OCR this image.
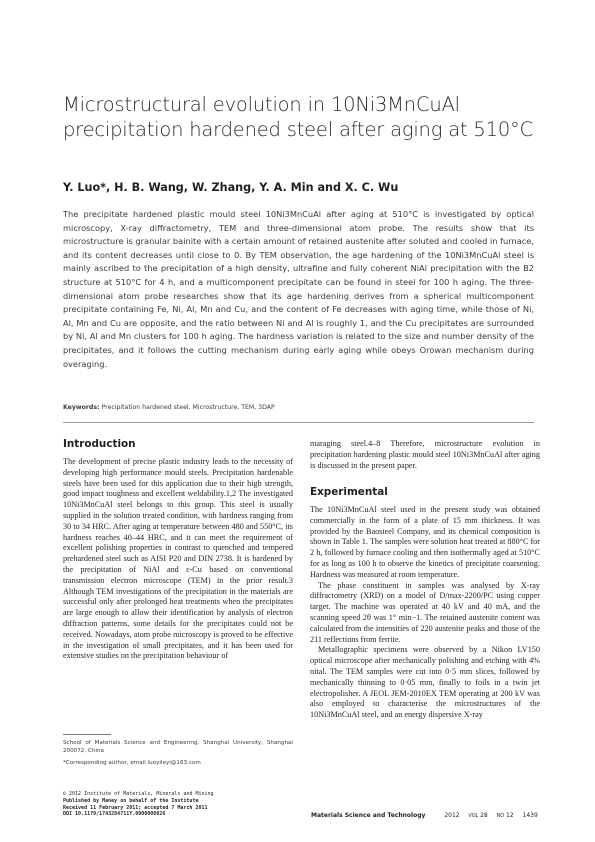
Microstructural evolution in 10Ni3MnCuAl precipitation hardened steel after aging at 510°C
Y. Luo*, H. B. Wang, W. Zhang, Y. A. Min and X. C. Wu
The precipitate hardened plastic mould steel 10Ni3MnCuAl after aging at 510°C is investigated by optical microscopy, X-ray diffractometry, TEM and three-dimensional atom probe. The results show that its microstructure is granular bainite with a certain amount of retained austenite after soluted and cooled in furnace, and its content decreases until close to 0. By TEM observation, the age hardening of the 10Ni3MnCuAl steel is mainly ascribed to the precipitation of a high density, ultrafine and fully coherent NiAl precipitation with the B2 structure at 510°C for 4 h, and a multicomponent precipitate can be found in steel for 100 h aging. The three-dimensional atom probe researches show that its age hardening derives from a spherical multicomponent precipitate containing Fe, Ni, Al, Mn and Cu, and the content of Fe decreases with aging time, while those of Ni, Al, Mn and Cu are opposite, and the ratio between Ni and Al is roughly 1, and the Cu precipitates are surrounded by Ni, Al and Mn clusters for 100 h aging. The hardness variation is related to the size and number density of the precipitates, and it follows the cutting mechanism during early aging while obeys Orowan mechanism during overaging.
Keywords: Precipitation hardened steel, Microstructure, TEM, 3DAP
Introduction

The development of precise plastic industry leads to the necessity of developing high performance mould steels. Precipitation hardenable steels have been used for this application due to their high strength, good impact toughness and excellent weldability.1,2 The investigated 10Ni3MnCuAl steel belongs to this group. This steel is usually supplied in the solution treated condition, with hardness ranging from 30 to 34 HRC. After aging at temperature between 480 and 550°C, its hardness reaches 40–44 HRC, and it can meet the requirement of excellent polishing properties in contrast to quenched and tempered prehardened steel such as AISI P20 and DIN 2738. It is hardened by the precipitation of NiAl and ε-Cu based on conventional transmission electron microscope (TEM) in the prior result.3 Although TEM investigations of the precipitation in the materials are successful only after prolonged heat treatments when the precipitates are large enough to allow their identification by analysis of electron diffraction patterns, some details for the precipitates could not be received. Nowadays, atom probe microscopy is proved to be effective in the investigation of small precipitates, and it has been used for extensive studies on the precipitation behaviour of

maraging steel.4–8 Therefore, microstructure evolution in precipitation hardening plastic mould steel 10Ni3MnCuAl after aging is discussed in the present paper.

Experimental

The 10Ni3MnCuAl steel used in the present study was obtained commercially in the form of a plate of 15 mm thickness. It was provided by the Baosteel Company, and its chemical composition is shown in Table 1. The samples were solution heat treated at 880°C for 2 h, followed by furnace cooling and then isothermally aged at 510°C for as long as 100 h to observe the kinetics of precipitate coarsening. Hardness was measured at room temperature.

The phase constituent in samples was analysed by X-ray diffractometry (XRD) on a model of D/max-2200/PC using copper target. The machine was operated at 40 kV and 40 mA, and the scanning speed 2θ was 1° min−1. The retained austenite content was calculated from the intensities of 220 austenite peaks and those of the 211 reflections from ferrite.

Metallographic specimens were observed by a Nikon LV150 optical microscope after mechanically polishing and etching with 4% nital. The TEM samples were cut into 0·5 mm slices, followed by mechanically thinning to 0·05 mm, finally to foils in a twin jet electropolisher. A JEOL JEM-2010EX TEM operating at 200 kV was also employed to characterise the microstructures of the 10Ni3MnCuAl steel, and an energy dispersive X-ray

School of Materials Science and Engineering, Shanghai University, Shanghai 200072, China
*Corresponding author, email luoyileyi@163.com
© 2012 Institute of Materials, Minerals and Mining
Published by Maney on behalf of the Institute
Received 11 February 2011; accepted 7 March 2011
DOI 10.1179/1743284711Y.0000000026	Materials Science and Technology	2012 VOL 28 NO 12 1439
